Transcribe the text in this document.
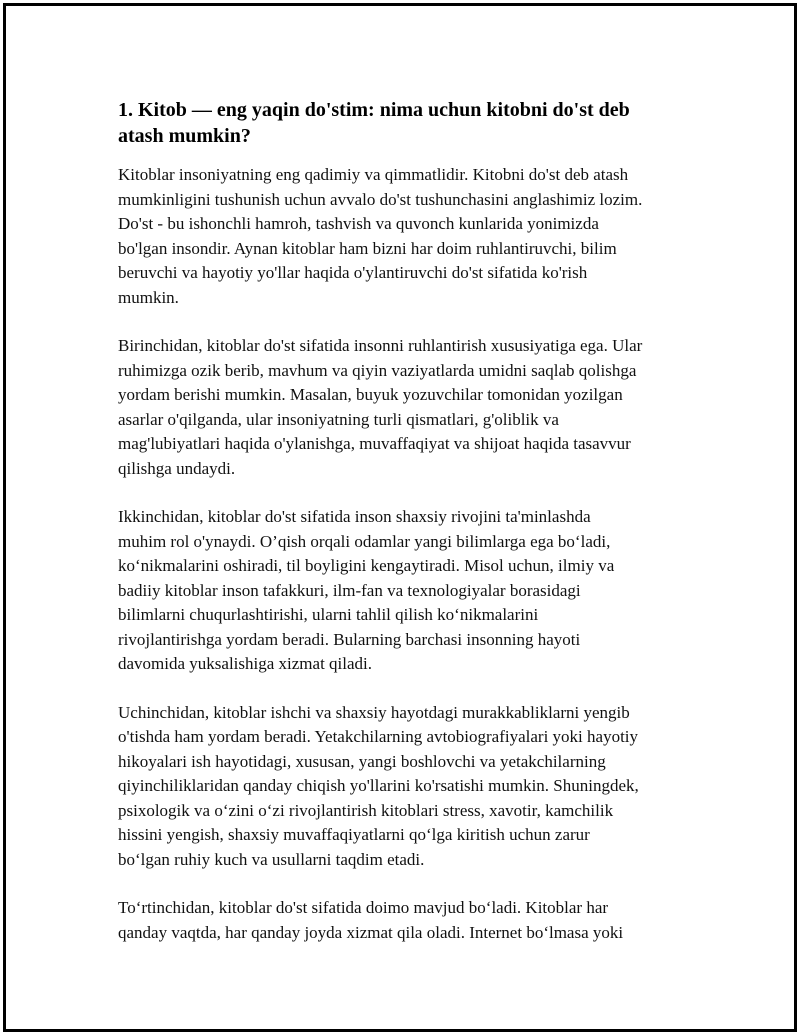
1. Kitob — eng yaqin do'stim: nima uchun kitobni do'st deb
atash mumkin?

Kitoblar insoniyatning eng qadimiy va qimmatlidir. Kitobni do'st deb atash
mumkinligini tushunish uchun avvalo do'st tushunchasini anglashimiz lozim.
Do'st - bu ishonchli hamroh, tashvish va quvonch kunlarida yonimizda
bo'lgan insondir. Aynan kitoblar ham bizni har doim ruhlantiruvchi, bilim
beruvchi va hayotiy yo'llar haqida o'ylantiruvchi do'st sifatida ko'rish
mumkin.

Birinchidan, kitoblar do'st sifatida insonni ruhlantirish xususiyatiga ega. Ular
ruhimizga ozik berib, mavhum va qiyin vaziyatlarda umidni saqlab qolishga
yordam berishi mumkin. Masalan, buyuk yozuvchilar tomonidan yozilgan
asarlar o'qilganda, ular insoniyatning turli qismatlari, g'oliblik va
mag'lubiyatlari haqida o'ylanishga, muvaffaqiyat va shijoat haqida tasavvur
qilishga undaydi.

Ikkinchidan, kitoblar do'st sifatida inson shaxsiy rivojini ta'minlashda
muhim rol o'ynaydi. O’qish orqali odamlar yangi bilimlarga ega bo‘ladi,
ko‘nikmalarini oshiradi, til boyligini kengaytiradi. Misol uchun, ilmiy va
badiiy kitoblar inson tafakkuri, ilm-fan va texnologiyalar borasidagi
bilimlarni chuqurlashtirishi, ularni tahlil qilish ko‘nikmalarini
rivojlantirishga yordam beradi. Bularning barchasi insonning hayoti
davomida yuksalishiga xizmat qiladi.

Uchinchidan, kitoblar ishchi va shaxsiy hayotdagi murakkabliklarni yengib
o'tishda ham yordam beradi. Yetakchilarning avtobiografiyalari yoki hayotiy
hikoyalari ish hayotidagi, xususan, yangi boshlovchi va yetakchilarning
qiyinchiliklaridan qanday chiqish yo'llarini ko'rsatishi mumkin. Shuningdek,
psixologik va o‘zini o‘zi rivojlantirish kitoblari stress, xavotir, kamchilik
hissini yengish, shaxsiy muvaffaqiyatlarni qo‘lga kiritish uchun zarur
bo‘lgan ruhiy kuch va usullarni taqdim etadi.

To‘rtinchidan, kitoblar do'st sifatida doimo mavjud bo‘ladi. Kitoblar har
qanday vaqtda, har qanday joyda xizmat qila oladi. Internet bo‘lmasa yoki
